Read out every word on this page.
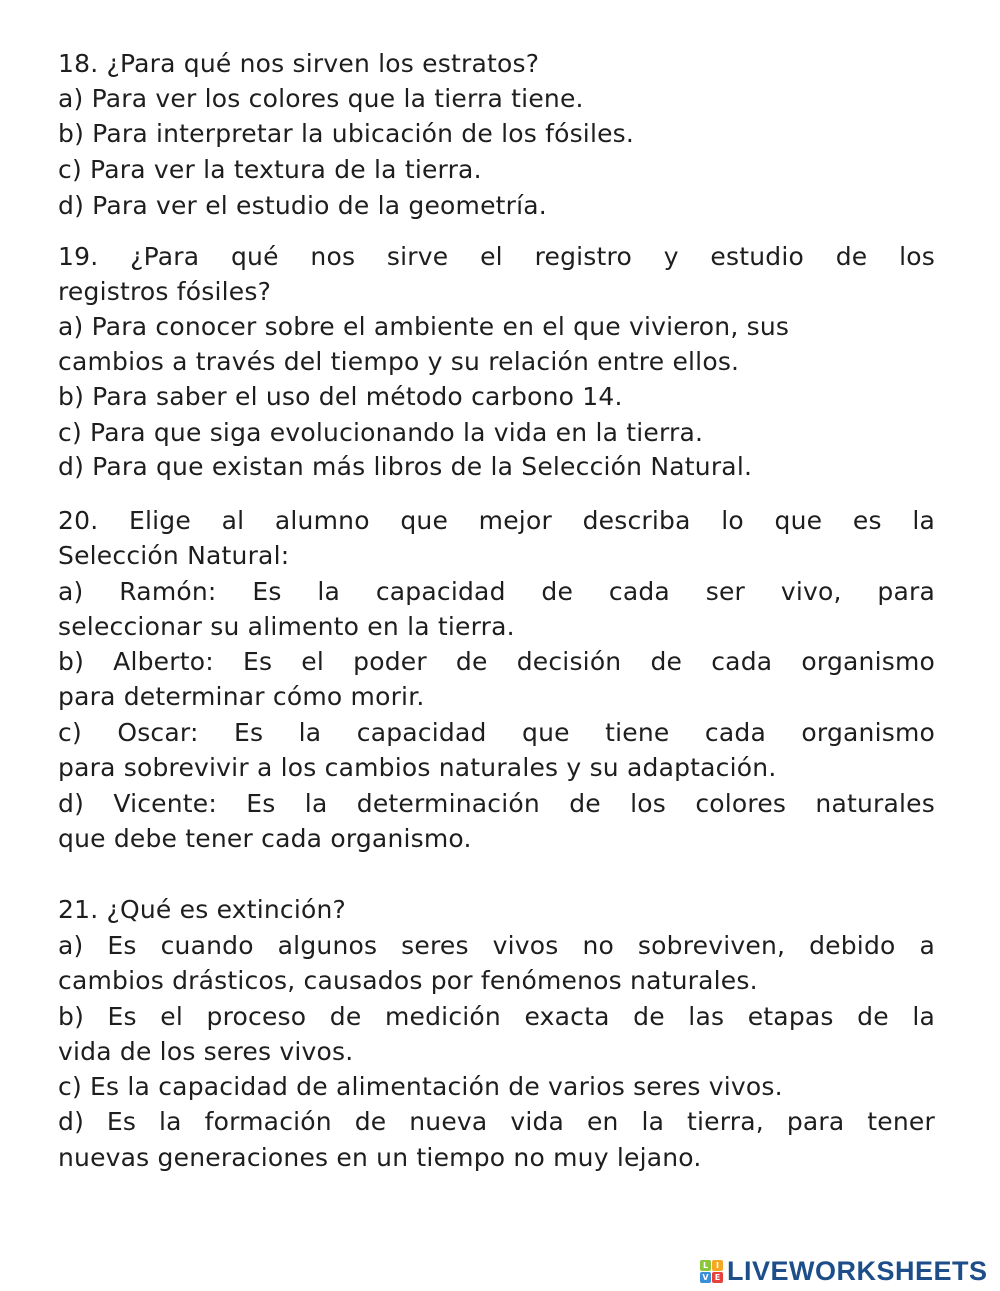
18. ¿Para qué nos sirven los estratos?
a) Para ver los colores que la tierra tiene.
b) Para interpretar la ubicación de los fósiles.
c) Para ver la textura de la tierra.
d) Para ver el estudio de la geometría.
19. ¿Para qué nos sirve el registro y estudio de los
registros fósiles?
a) Para conocer sobre el ambiente en el que vivieron, sus
cambios a través del tiempo y su relación entre ellos.
b) Para saber el uso del método carbono 14.
c) Para que siga evolucionando la vida en la tierra.
d) Para que existan más libros de la Selección Natural.
20. Elige al alumno que mejor describa lo que es la
Selección Natural:
a) Ramón: Es la capacidad de cada ser vivo, para
seleccionar su alimento en la tierra.
b) Alberto: Es el poder de decisión de cada organismo
para determinar cómo morir.
c) Oscar: Es la capacidad que tiene cada organismo
para sobrevivir a los cambios naturales y su adaptación.
d) Vicente: Es la determinación de los colores naturales
que debe tener cada organismo.
21. ¿Qué es extinción?
a) Es cuando algunos seres vivos no sobreviven, debido a
cambios drásticos, causados por fenómenos naturales.
b) Es el proceso de medición exacta de las etapas de la
vida de los seres vivos.
c) Es la capacidad de alimentación de varios seres vivos.
d) Es la formación de nueva vida en la tierra, para tener
nuevas generaciones en un tiempo no muy lejano.
L I
V E LIVEWORKSHEETS
